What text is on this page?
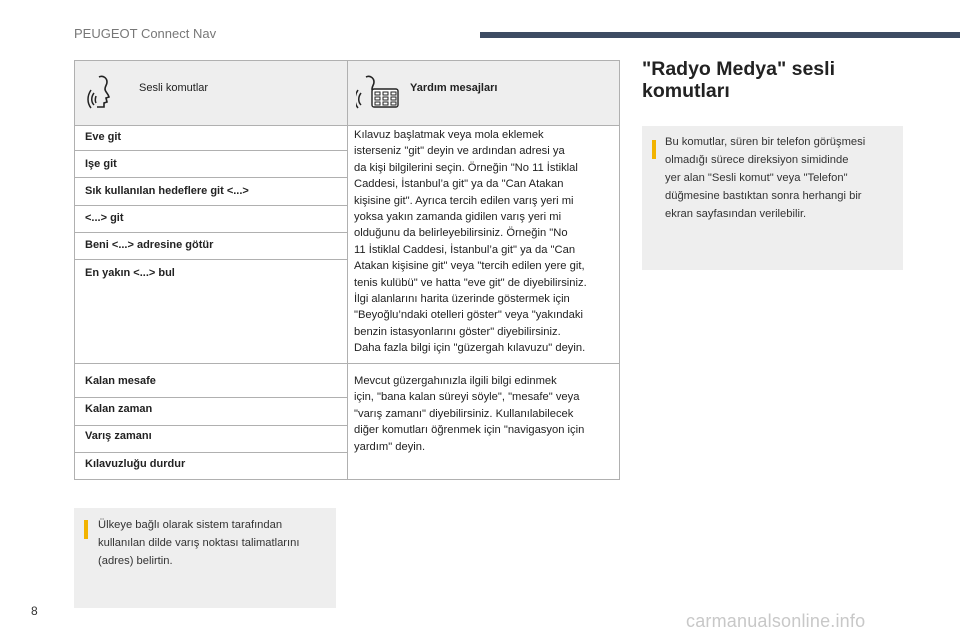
PEUGEOT Connect Nav
Sesli komutlar	Yardım mesajları
Eve git
Işe git
Sık kullanılan hedeflere git <...>
<...> git
Beni <...> adresine götür
En yakın <...> bul
Kılavuz başlatmak veya mola eklemek
isterseniz "git" deyin ve ardından adresi ya
da kişi bilgilerini seçin. Örneğin "No 11 İstiklal
Caddesi, İstanbul’a git" ya da "Can Atakan
kişisine git". Ayrıca tercih edilen varış yeri mi
yoksa yakın zamanda gidilen varış yeri mi
olduğunu da belirleyebilirsiniz. Örneğin "No
11 İstiklal Caddesi, İstanbul’a git" ya da "Can
Atakan kişisine git" veya "tercih edilen yere git,
tenis kulübü" ve hatta "eve git" de diyebilirsiniz.
İlgi alanlarını harita üzerinde göstermek için
"Beyoğlu’ndaki otelleri göster" veya "yakındaki
benzin istasyonlarını göster" diyebilirsiniz.
Daha fazla bilgi için "güzergah kılavuzu" deyin.
Kalan mesafe
Kalan zaman
Varış zamanı
Kılavuzluğu durdur
Mevcut güzergahınızla ilgili bilgi edinmek
için, "bana kalan süreyi söyle", "mesafe" veya
"varış zamanı" diyebilirsiniz. Kullanılabilecek
diğer komutları öğrenmek için "navigasyon için
yardım" deyin.
Ülkeye bağlı olarak sistem tarafından
kullanılan dilde varış noktası talimatlarını
(adres) belirtin.
"Radyo Medya" sesli
komutları
Bu komutlar, süren bir telefon görüşmesi
olmadığı sürece direksiyon simidinde
yer alan "Sesli komut" veya "Telefon"
düğmesine bastıktan sonra herhangi bir
ekran sayfasından verilebilir.
8	carmanualsonline.info
